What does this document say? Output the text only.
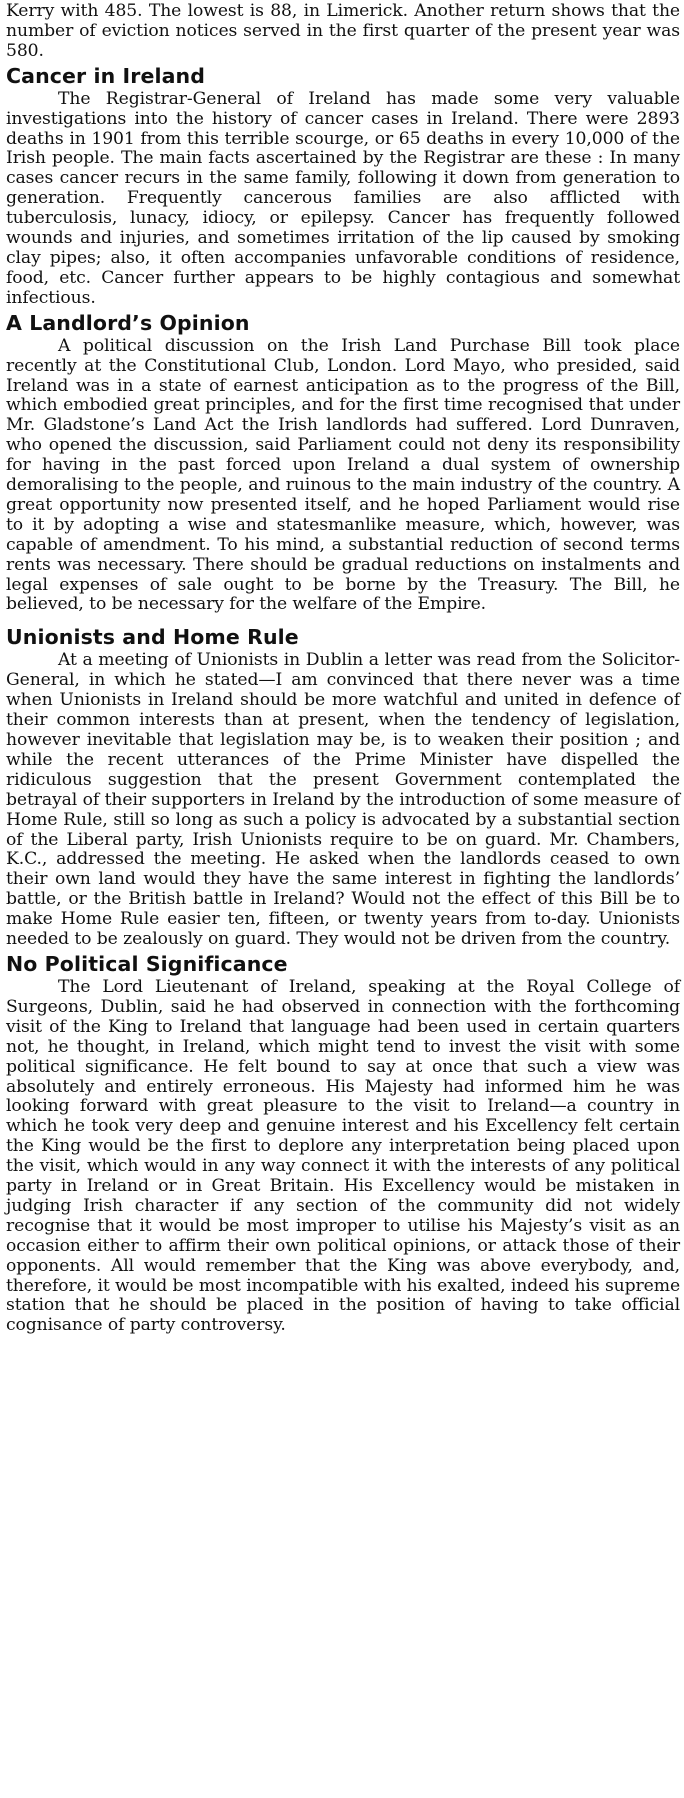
Kerry with 485. The lowest is 88, in Limerick. Another return shows that the number of eviction notices served in the first quarter of the present year was 580.

Cancer in Ireland

The Registrar-General of Ireland has made some very valuable investigations into the history of cancer cases in Ireland. There were 2893 deaths in 1901 from this terrible scourge, or 65 deaths in every 10,000 of the Irish people. The main facts ascertained by the Registrar are these : In many cases cancer recurs in the same family, following it down from generation to generation. Frequently cancerous families are also afflicted with tuberculosis, lunacy, idiocy, or epilepsy. Cancer has frequently followed wounds and injuries, and sometimes irritation of the lip caused by smoking clay pipes; also, it often accompanies unfavorable conditions of residence, food, etc. Cancer further appears to be highly contagious and somewhat infectious.

A Landlord’s Opinion

A political discussion on the Irish Land Purchase Bill took place recently at the Constitutional Club, London. Lord Mayo, who presided, said Ireland was in a state of earnest anticipation as to the progress of the Bill, which embodied great principles, and for the first time recognised that under Mr. Gladstone’s Land Act the Irish landlords had suffered. Lord Dunraven, who opened the discussion, said Parliament could not deny its responsibility for having in the past forced upon Ireland a dual system of ownership demoralising to the people, and ruinous to the main industry of the country. A great opportunity now presented itself, and he hoped Parliament would rise to it by adopting a wise and statesmanlike measure, which, however, was capable of amendment. To his mind, a substantial reduction of second terms rents was necessary. There should be gradual reductions on instalments and legal expenses of sale ought to be borne by the Treasury. The Bill, he believed, to be necessary for the welfare of the Empire.

Unionists and Home Rule

At a meeting of Unionists in Dublin a letter was read from the Solicitor-General, in which he stated—I am convinced that there never was a time when Unionists in Ireland should be more watchful and united in defence of their common interests than at present, when the tendency of legislation, however inevitable that legislation may be, is to weaken their position ; and while the recent utterances of the Prime Minister have dispelled the ridiculous suggestion that the present Government contemplated the betrayal of their supporters in Ireland by the introduction of some measure of Home Rule, still so long as such a policy is advocated by a substantial section of the Liberal party, Irish Unionists require to be on guard. Mr. Chambers, K.C., addressed the meeting. He asked when the landlords ceased to own their own land would they have the same interest in fighting the landlords’ battle, or the British battle in Ireland? Would not the effect of this Bill be to make Home Rule easier ten, fifteen, or twenty years from to-day. Unionists needed to be zealously on guard. They would not be driven from the country.

No Political Significance

The Lord Lieutenant of Ireland, speaking at the Royal College of Surgeons, Dublin, said he had observed in connection with the forthcoming visit of the King to Ireland that language had been used in certain quarters not, he thought, in Ireland, which might tend to invest the visit with some political significance. He felt bound to say at once that such a view was absolutely and entirely erroneous. His Majesty had informed him he was looking forward with great pleasure to the visit to Ireland—a country in which he took very deep and genuine interest and his Excellency felt certain the King would be the first to deplore any interpretation being placed upon the visit, which would in any way connect it with the interests of any political party in Ireland or in Great Britain. His Excellency would be mistaken in judging Irish character if any section of the community did not widely recognise that it would be most improper to utilise his Majesty’s visit as an occasion either to affirm their own political opinions, or attack those of their opponents. All would remember that the King was above everybody, and, therefore, it would be most incompatible with his exalted, indeed his supreme station that he should be placed in the position of having to take official cognisance of party controversy.
